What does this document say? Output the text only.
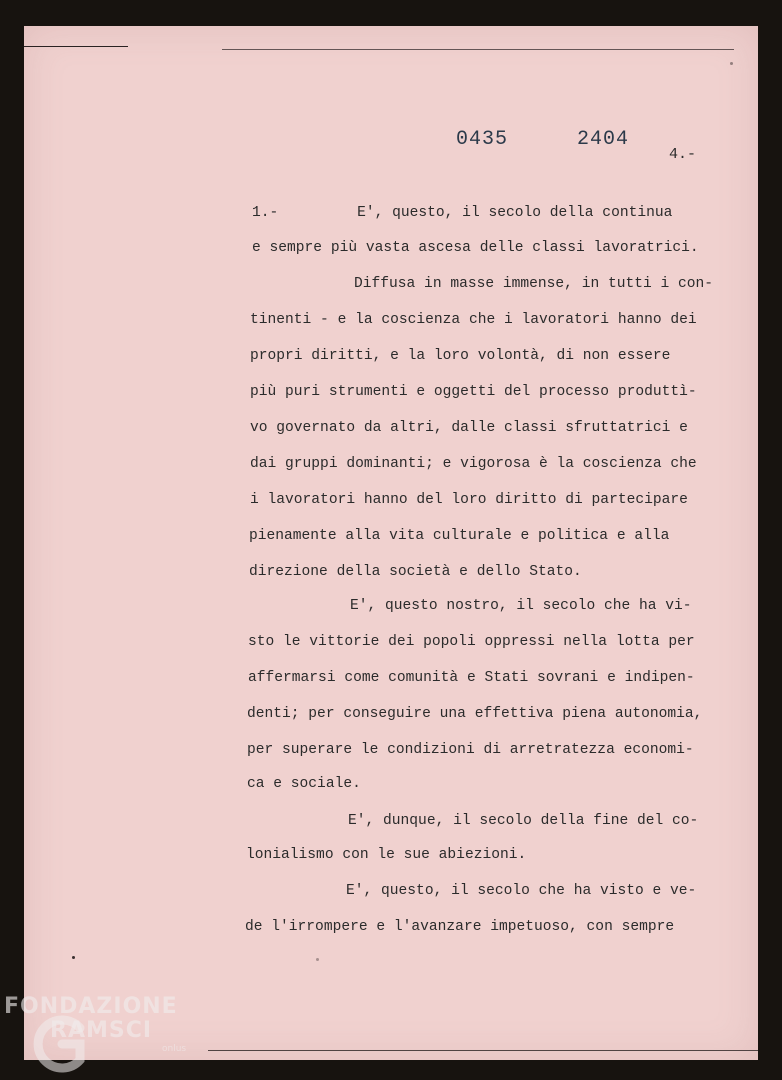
0435   2404
4.-
1.-         E', questo, il secolo della continua
e sempre più vasta ascesa delle classi lavoratrici.
Diffusa in masse immense, in tutti i con-
tinenti - e la coscienza che i lavoratori hanno dei
propri diritti, e la loro volontà, di non essere
più puri strumenti e oggetti del processo produttì-
vo governato da altri, dalle classi sfruttatrici e
dai gruppi dominanti; e vigorosa è la coscienza che
i lavoratori hanno del loro diritto di partecipare
pienamente alla vita culturale e politica e alla
direzione della società e dello Stato.
E', questo nostro, il secolo che ha vi-
sto le vittorie dei popoli oppressi nella lotta per
affermarsi come comunità e Stati sovrani e indipen-
denti; per conseguire una effettiva piena autonomia,
per superare le condizioni di arretratezza economi-
ca e sociale.
E', dunque, il secolo della fine del co-
lonialismo con le sue abiezioni.
E', questo, il secolo che ha visto e ve-
de l'irrompere e l'avanzare impetuoso, con sempre
FONDAZIONE
RAMSCI
onlus
